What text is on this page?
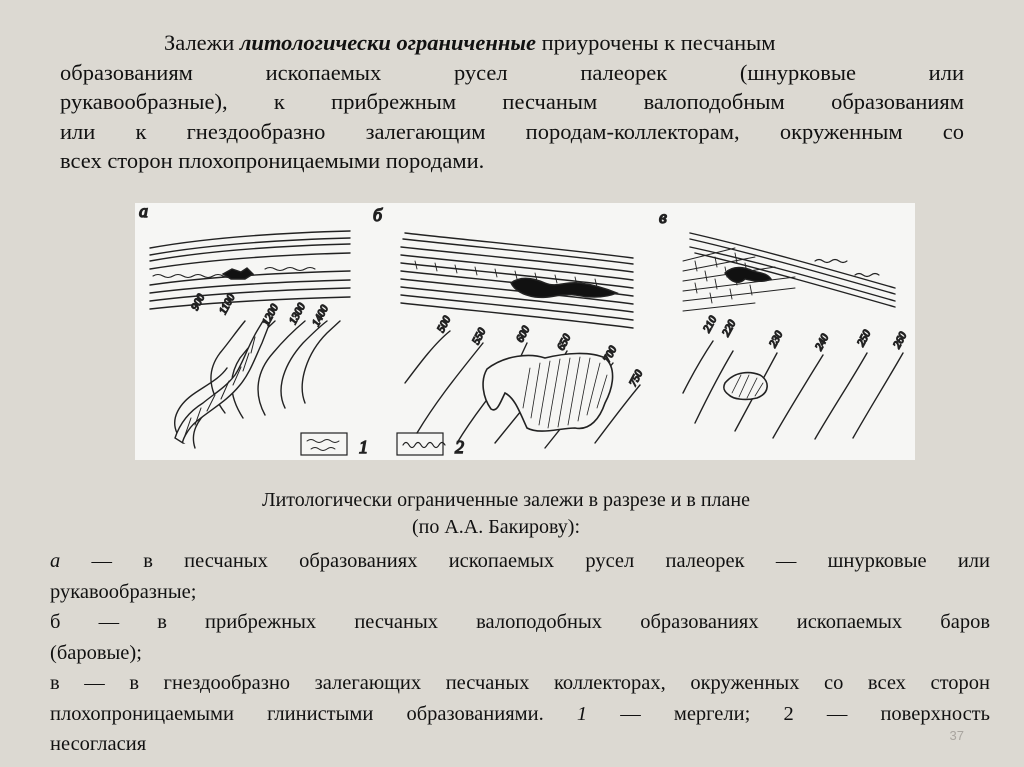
Залежи литологически ограниченные приурочены к песчаным
образованиям ископаемых русел палеорек (шнурковые или
рукавообразные), к прибрежным песчаным валоподобным образованиям
или к гнездообразно залегающим породам-коллекторам, окруженным со
всех сторон плохопроницаемыми породами.
а
900 1100 1200 1300 1400
б
500
550 600 650
700
750
в
210 220
230	240 250 260
1	2
Литологически ограниченные залежи в разрезе и в плане
(по А.А. Бакирову):
а — в песчаных образованиях ископаемых русел палеорек — шнурковые или
рукавообразные;
б — в прибрежных песчаных валоподобных образованиях ископаемых баров
(баровые);
в — в гнездообразно залегающих песчаных коллекторах, окруженных со всех сторон
плохопроницаемыми глинистыми образованиями. 1 — мергели; 2 — поверхность
несогласия	37
